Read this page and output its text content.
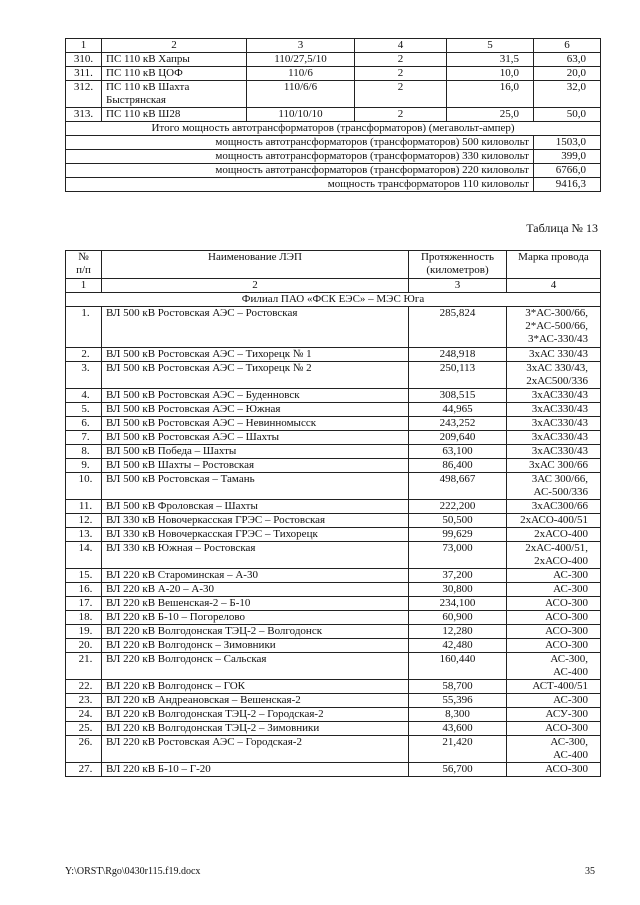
1	2	3	4	5	6
310.	ПС 110 кВ Хапры	110/27,5/10	2	31,5	63,0
311.	ПС 110 кВ ЦОФ	110/6	2	10,0	20,0
312.	ПС 110 кВ Шахта
Быстрянская	110/6/6	2	16,0	32,0
313.	ПС 110 кВ Ш28	110/10/10	2	25,0	50,0
Итого мощность автотрансформаторов (трансформаторов) (мегавольт-ампер)					
мощность автотрансформаторов (трансформаторов) 500 киловольт					1503,0
мощность автотрансформаторов (трансформаторов) 330 киловольт					399,0
мощность автотрансформаторов (трансформаторов) 220 киловольт					6766,0
мощность трансформаторов 110 киловольт					9416,3
Таблица № 13
№
п/п	Наименование ЛЭП	Протяженность
(километров)	Марка провода
1	2	3	4
Филиал ПАО «ФСК ЕЭС» – МЭС Юга			
1.	ВЛ 500 кВ Ростовская АЭС – Ростовская	285,824	3*АС-300/66,
2*АС-500/66,
3*АС-330/43
2.	ВЛ 500 кВ Ростовская АЭС – Тихорецк № 1	248,918	3хАС 330/43
3.	ВЛ 500 кВ Ростовская АЭС – Тихорецк № 2	250,113	3хАС 330/43,
2хАС500/336
4.	ВЛ 500 кВ Ростовская АЭС – Буденновск	308,515	3хАС330/43
5.	ВЛ 500 кВ Ростовская АЭС – Южная	44,965	3хАС330/43
6.	ВЛ 500 кВ Ростовская АЭС – Невинномысск	243,252	3хАС330/43
7.	ВЛ 500 кВ Ростовская АЭС – Шахты	209,640	3хАС330/43
8.	ВЛ 500 кВ Победа – Шахты	63,100	3хАС330/43
9.	ВЛ 500 кВ Шахты – Ростовская	86,400	3хАС 300/66
10.	ВЛ 500 кВ Ростовская – Тамань	498,667	3АС 300/66,
АС-500/336
11.	ВЛ 500 кВ Фроловская – Шахты	222,200	3хАС300/66
12.	ВЛ 330 кВ Новочеркасская ГРЭС – Ростовская	50,500	2хАСО-400/51
13.	ВЛ 330 кВ Новочеркасская ГРЭС – Тихорецк	99,629	2хАСО-400
14.	ВЛ 330 кВ Южная – Ростовская	73,000	2хАС-400/51,
2хАСО-400
15.	ВЛ 220 кВ Староминская – А-30	37,200	АС-300
16.	ВЛ 220 кВ А-20 – А-30	30,800	АС-300
17.	ВЛ 220 кВ Вешенская-2 – Б-10	234,100	АСО-300
18.	ВЛ 220 кВ Б-10 – Погорелово	60,900	АСО-300
19.	ВЛ 220 кВ Волгодонская ТЭЦ-2 – Волгодонск	12,280	АСО-300
20.	ВЛ 220 кВ Волгодонск – Зимовники	42,480	АСО-300
21.	ВЛ 220 кВ Волгодонск – Сальская	160,440	АС-300,
АС-400
22.	ВЛ 220 кВ Волгодонск – ГОК	58,700	АСТ-400/51
23.	ВЛ 220 кВ Андреановская – Вешенская-2	55,396	АС-300
24.	ВЛ 220 кВ Волгодонская ТЭЦ-2 – Городская-2	8,300	АСУ-300
25.	ВЛ 220 кВ Волгодонская ТЭЦ-2 – Зимовники	43,600	АСО-300
26.	ВЛ 220 кВ Ростовская АЭС – Городская-2	21,420	АС-300,
АС-400
27.	ВЛ 220 кВ Б-10 – Г-20	56,700	АСО-300
Y:\ORST\Rgo\0430r115.f19.docx	35
